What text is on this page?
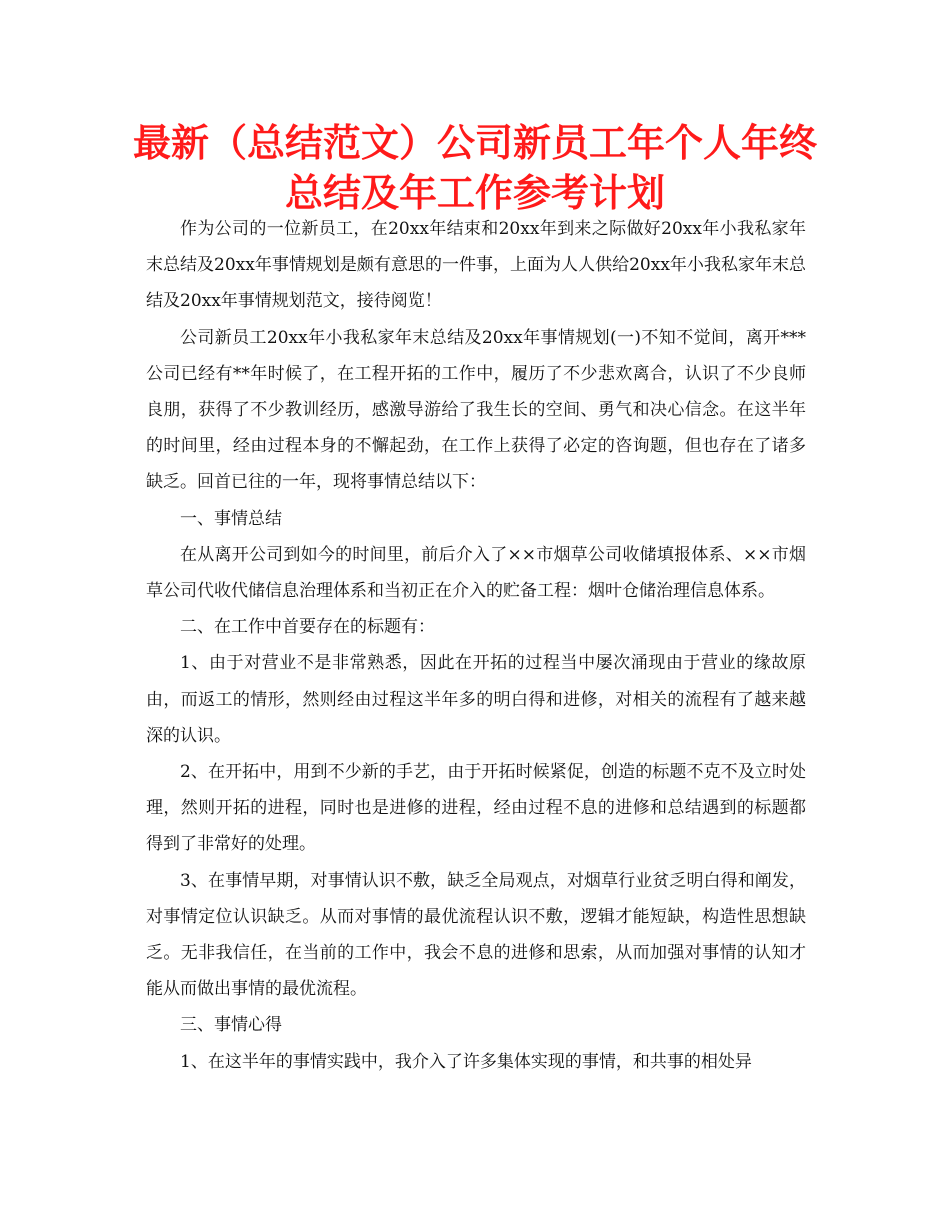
最新（总结范文）公司新员工年个人年终
总结及年工作参考计划

作为公司的一位新员工，在20xx年结束和20xx年到来之际做好20xx年小我私家年末总结及20xx年事情规划是颇有意思的一件事，上面为人人供给20xx年小我私家年末总结及20xx年事情规划范文，接待阅览！

公司新员工20xx年小我私家年末总结及20xx年事情规划(一)不知不觉间，离开***公司已经有**年时候了，在工程开拓的工作中，履历了不少悲欢离合，认识了不少良师良朋，获得了不少教训经历，感激导游给了我生长的空间、勇气和决心信念。在这半年的时间里，经由过程本身的不懈起劲，在工作上获得了必定的咨询题，但也存在了诸多缺乏。回首已往的一年，现将事情总结以下：

一、事情总结

在从离开公司到如今的时间里，前后介入了××市烟草公司收储填报体系、××市烟草公司代收代储信息治理体系和当初正在介入的贮备工程：烟叶仓储治理信息体系。

二、在工作中首要存在的标题有：

1、由于对营业不是非常熟悉，因此在开拓的过程当中屡次涌现由于营业的缘故原由，而返工的情形，然则经由过程这半年多的明白得和进修，对相关的流程有了越来越深的认识。

2、在开拓中，用到不少新的手艺，由于开拓时候紧促，创造的标题不克不及立时处理，然则开拓的进程，同时也是进修的进程，经由过程不息的进修和总结遇到的标题都得到了非常好的处理。

3、在事情早期，对事情认识不敷，缺乏全局观点，对烟草行业贫乏明白得和阐发，对事情定位认识缺乏。从而对事情的最优流程认识不敷，逻辑才能短缺，构造性思想缺乏。无非我信任，在当前的工作中，我会不息的进修和思索，从而加强对事情的认知才能从而做出事情的最优流程。

三、事情心得

1、在这半年的事情实践中，我介入了许多集体实现的事情，和共事的相处异
